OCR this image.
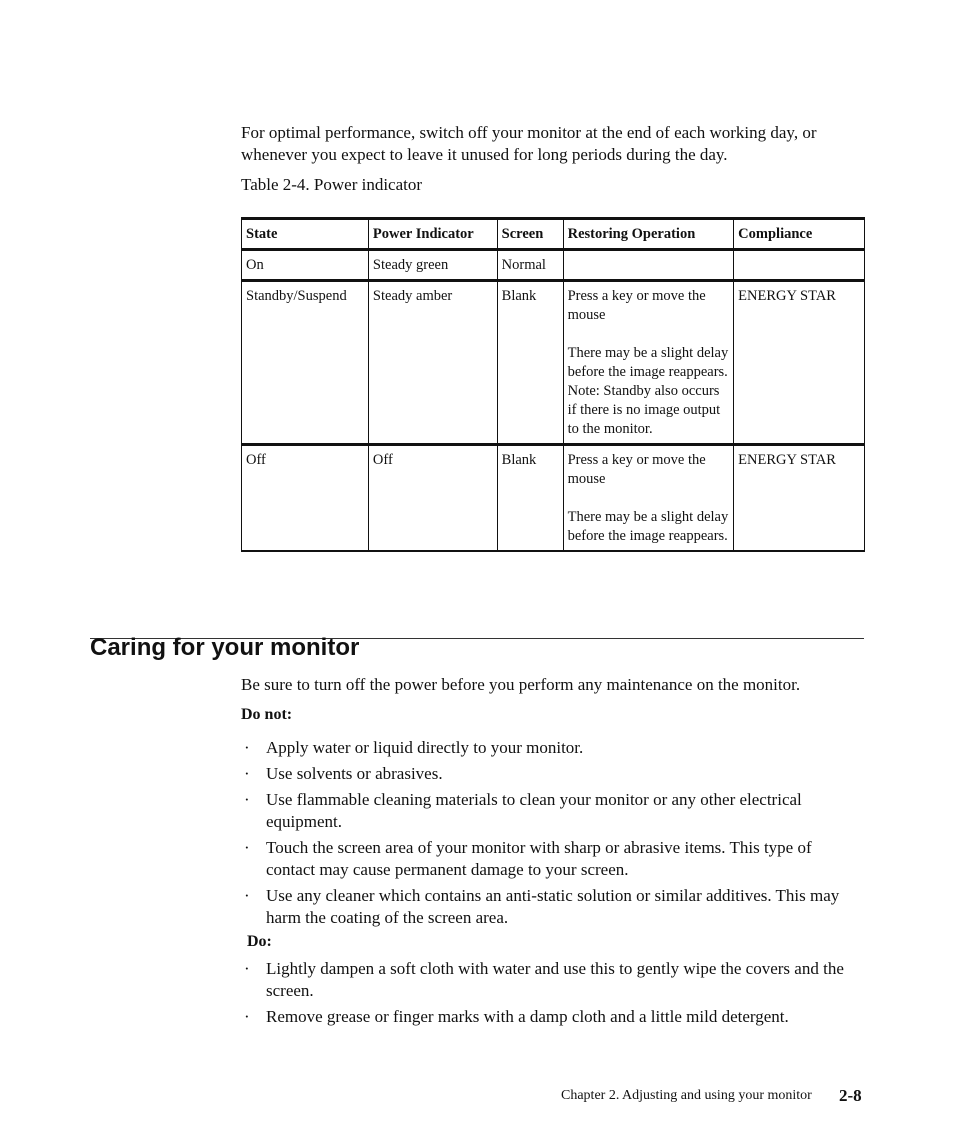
For optimal performance, switch off your monitor at the end of each working day, or whenever you expect to leave it unused for long periods during the day.

Table 2-4. Power indicator
State	Power Indicator	Screen	Restoring Operation	Compliance
On	Steady green	Normal		
Standby/Suspend	Steady amber	Blank	Press a key or move the mouse
There may be a slight delay before the image reappears.
Note: Standby also occurs if there is no image output to the monitor.	ENERGY STAR
Off	Off	Blank	Press a key or move the mouse
There may be a slight delay before the image reappears.	ENERGY STAR
Caring for your monitor

Be sure to turn off the power before you perform any maintenance on the monitor.

Do not:
· Apply water or liquid directly to your monitor.
· Use solvents or abrasives.
· Use flammable cleaning materials to clean your monitor or any other electrical equipment.
· Touch the screen area of your monitor with sharp or abrasive items. This type of contact may cause permanent damage to your screen.
· Use any cleaner which contains an anti-static solution or similar additives. This may harm the coating of the screen area.
Do:
· Lightly dampen a soft cloth with water and use this to gently wipe the covers and the screen.
· Remove grease or finger marks with a damp cloth and a little mild detergent.
Chapter 2. Adjusting and using your monitor 2-8
